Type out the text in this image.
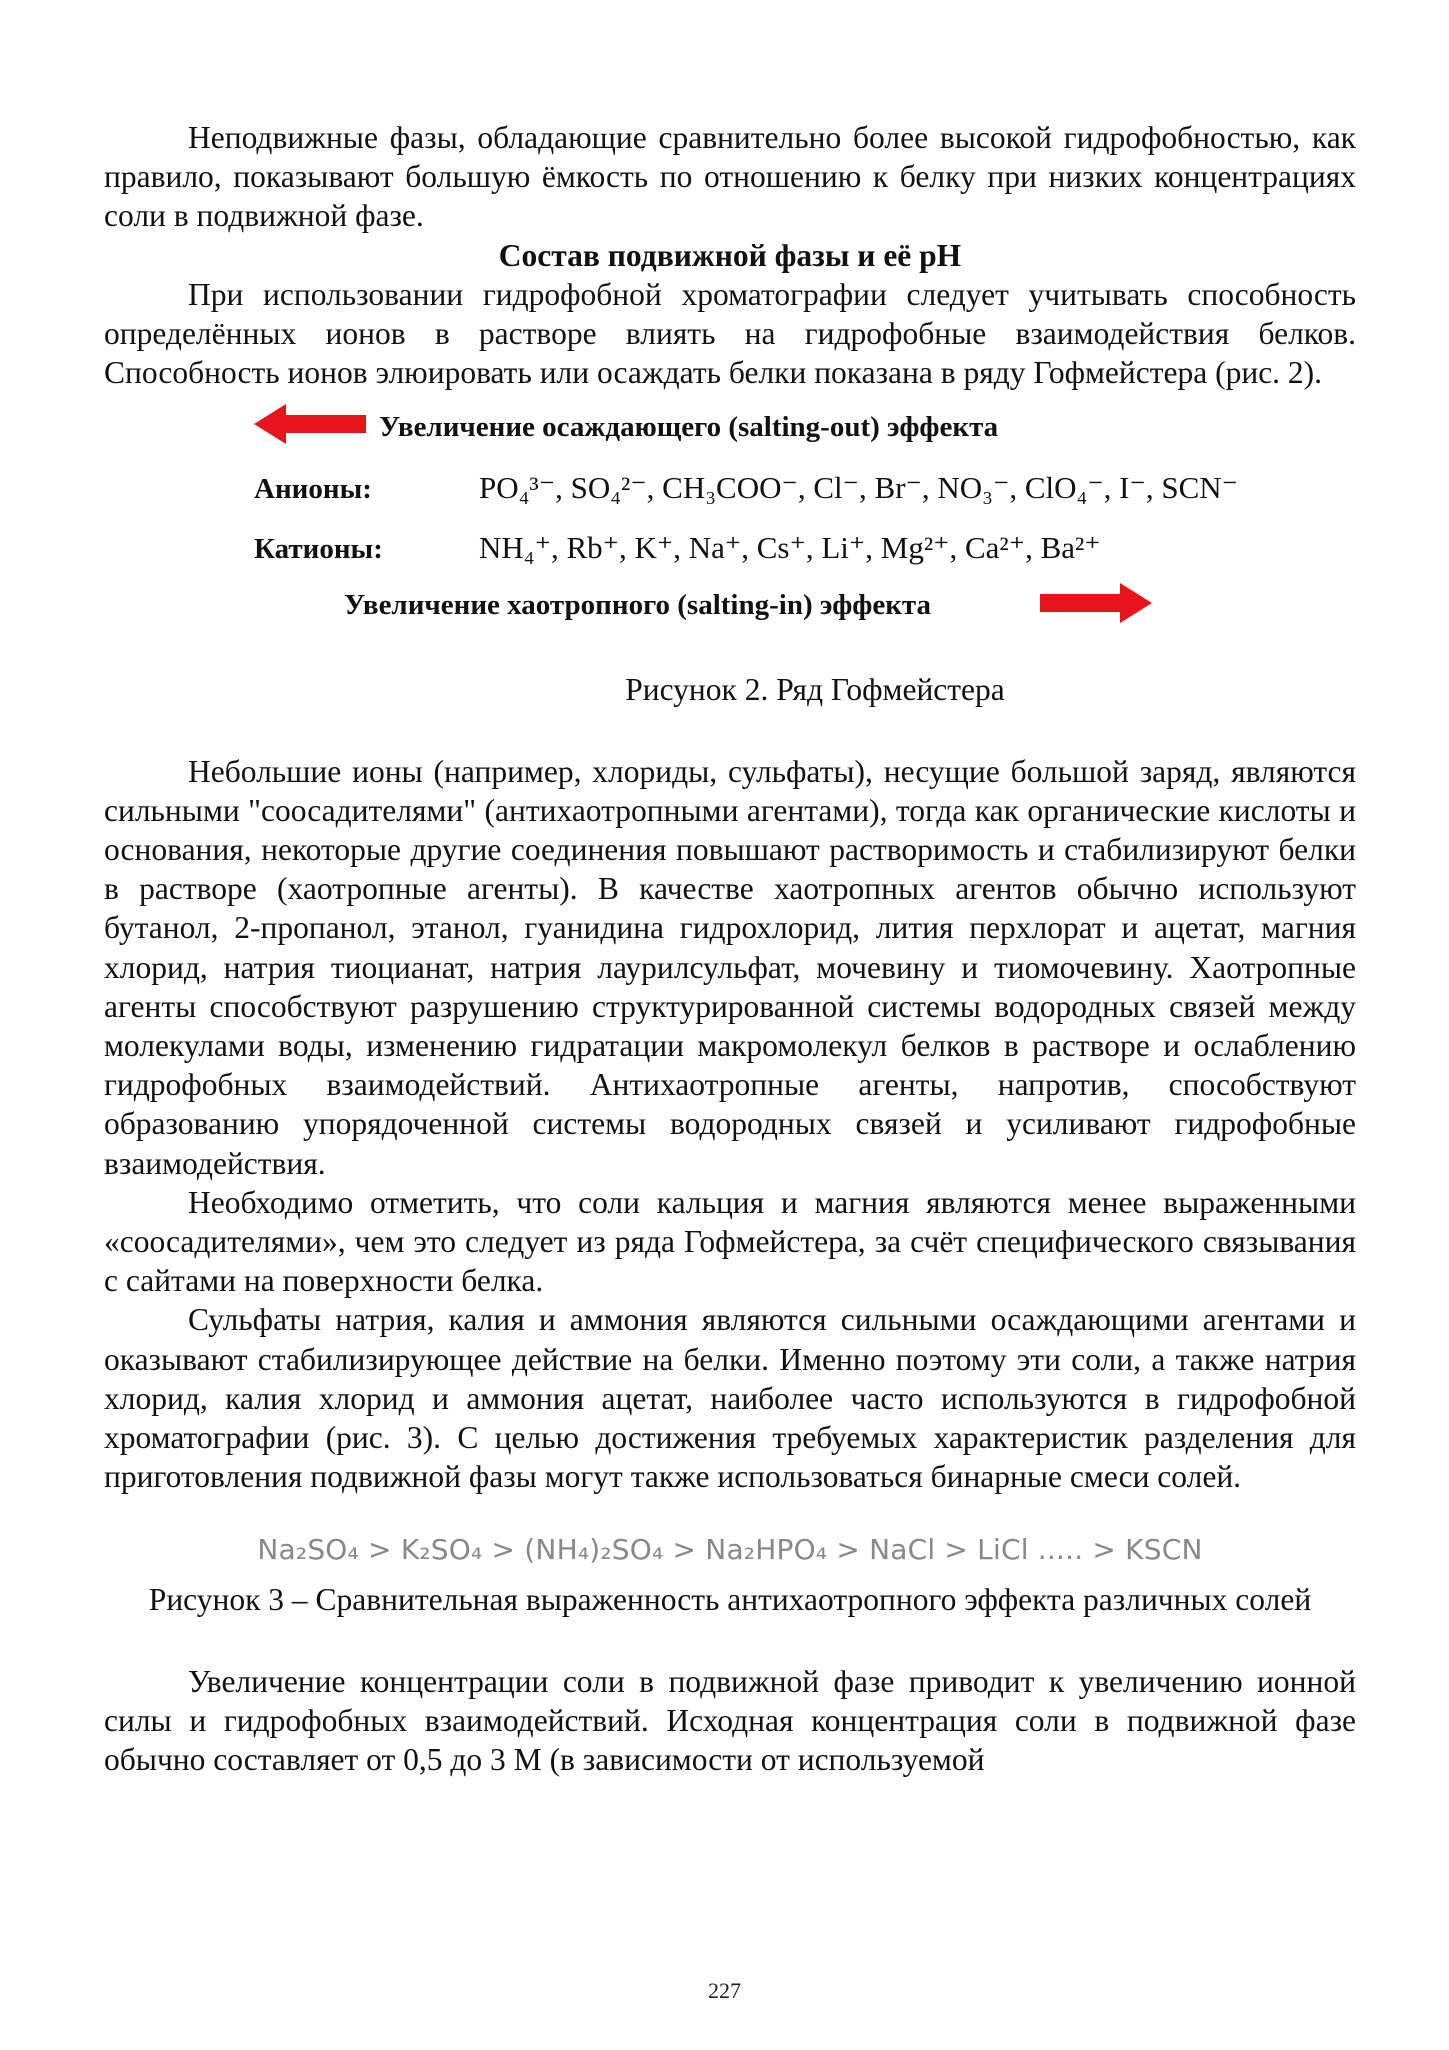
Неподвижные фазы, обладающие сравнительно более высокой гидрофобностью, как правило, показывают большую ёмкость по отношению к белку при низких концентрациях соли в подвижной фазе.

Состав подвижной фазы и её pH

При использовании гидрофобной хроматографии следует учитывать способность определённых ионов в растворе влиять на гидрофобные взаимодействия белков. Способность ионов элюировать или осаждать белки показана в ряду Гофмейстера (рис. 2).

Увеличение осаждающего (salting-out) эффекта
Анионы:	PO₄³⁻, SO₄²⁻, CH₃COO⁻, Cl⁻, Br⁻, NO₃⁻, ClO₄⁻, I⁻, SCN⁻
Катионы:	NH₄⁺, Rb⁺, K⁺, Na⁺, Cs⁺, Li⁺, Mg²⁺, Ca²⁺, Ba²⁺
Увеличение хаотропного (salting-in) эффекта
Рисунок 2. Ряд Гофмейстера

Небольшие ионы (например, хлориды, сульфаты), несущие большой заряд, являются сильными "соосадителями" (антихаотропными агентами), тогда как органические кислоты и основания, некоторые другие соединения повышают растворимость и стабилизируют белки в растворе (хаотропные агенты). В качестве хаотропных агентов обычно используют бутанол, 2-пропанол, этанол, гуанидина гидрохлорид, лития перхлорат и ацетат, магния хлорид, натрия тиоцианат, натрия лаурилсульфат, мочевину и тиомочевину. Хаотропные агенты способствуют разрушению структурированной системы водородных связей между молекулами воды, изменению гидратации макромолекул белков в растворе и ослаблению гидрофобных взаимодействий. Антихаотропные агенты, напротив, способствуют образованию упорядоченной системы водородных связей и усиливают гидрофобные взаимодействия.

Необходимо отметить, что соли кальция и магния являются менее выраженными «соосадителями», чем это следует из ряда Гофмейстера, за счёт специфического связывания с сайтами на поверхности белка.

Сульфаты натрия, калия и аммония являются сильными осаждающими агентами и оказывают стабилизирующее действие на белки. Именно поэтому эти соли, а также натрия хлорид, калия хлорид и аммония ацетат, наиболее часто используются в гидрофобной хроматографии (рис. 3). С целью достижения требуемых характеристик разделения для приготовления подвижной фазы могут также использоваться бинарные смеси солей.

Na₂SO₄ > K₂SO₄ > (NH₄)₂SO₄ > Na₂HPO₄ > NaCl > LiCl ..... > KSCN
Рисунок 3 – Сравнительная выраженность антихаотропного эффекта различных солей

Увеличение концентрации соли в подвижной фазе приводит к увеличению ионной силы и гидрофобных взаимодействий. Исходная концентрация соли в подвижной фазе обычно составляет от 0,5 до 3 М (в зависимости от используемой

227
